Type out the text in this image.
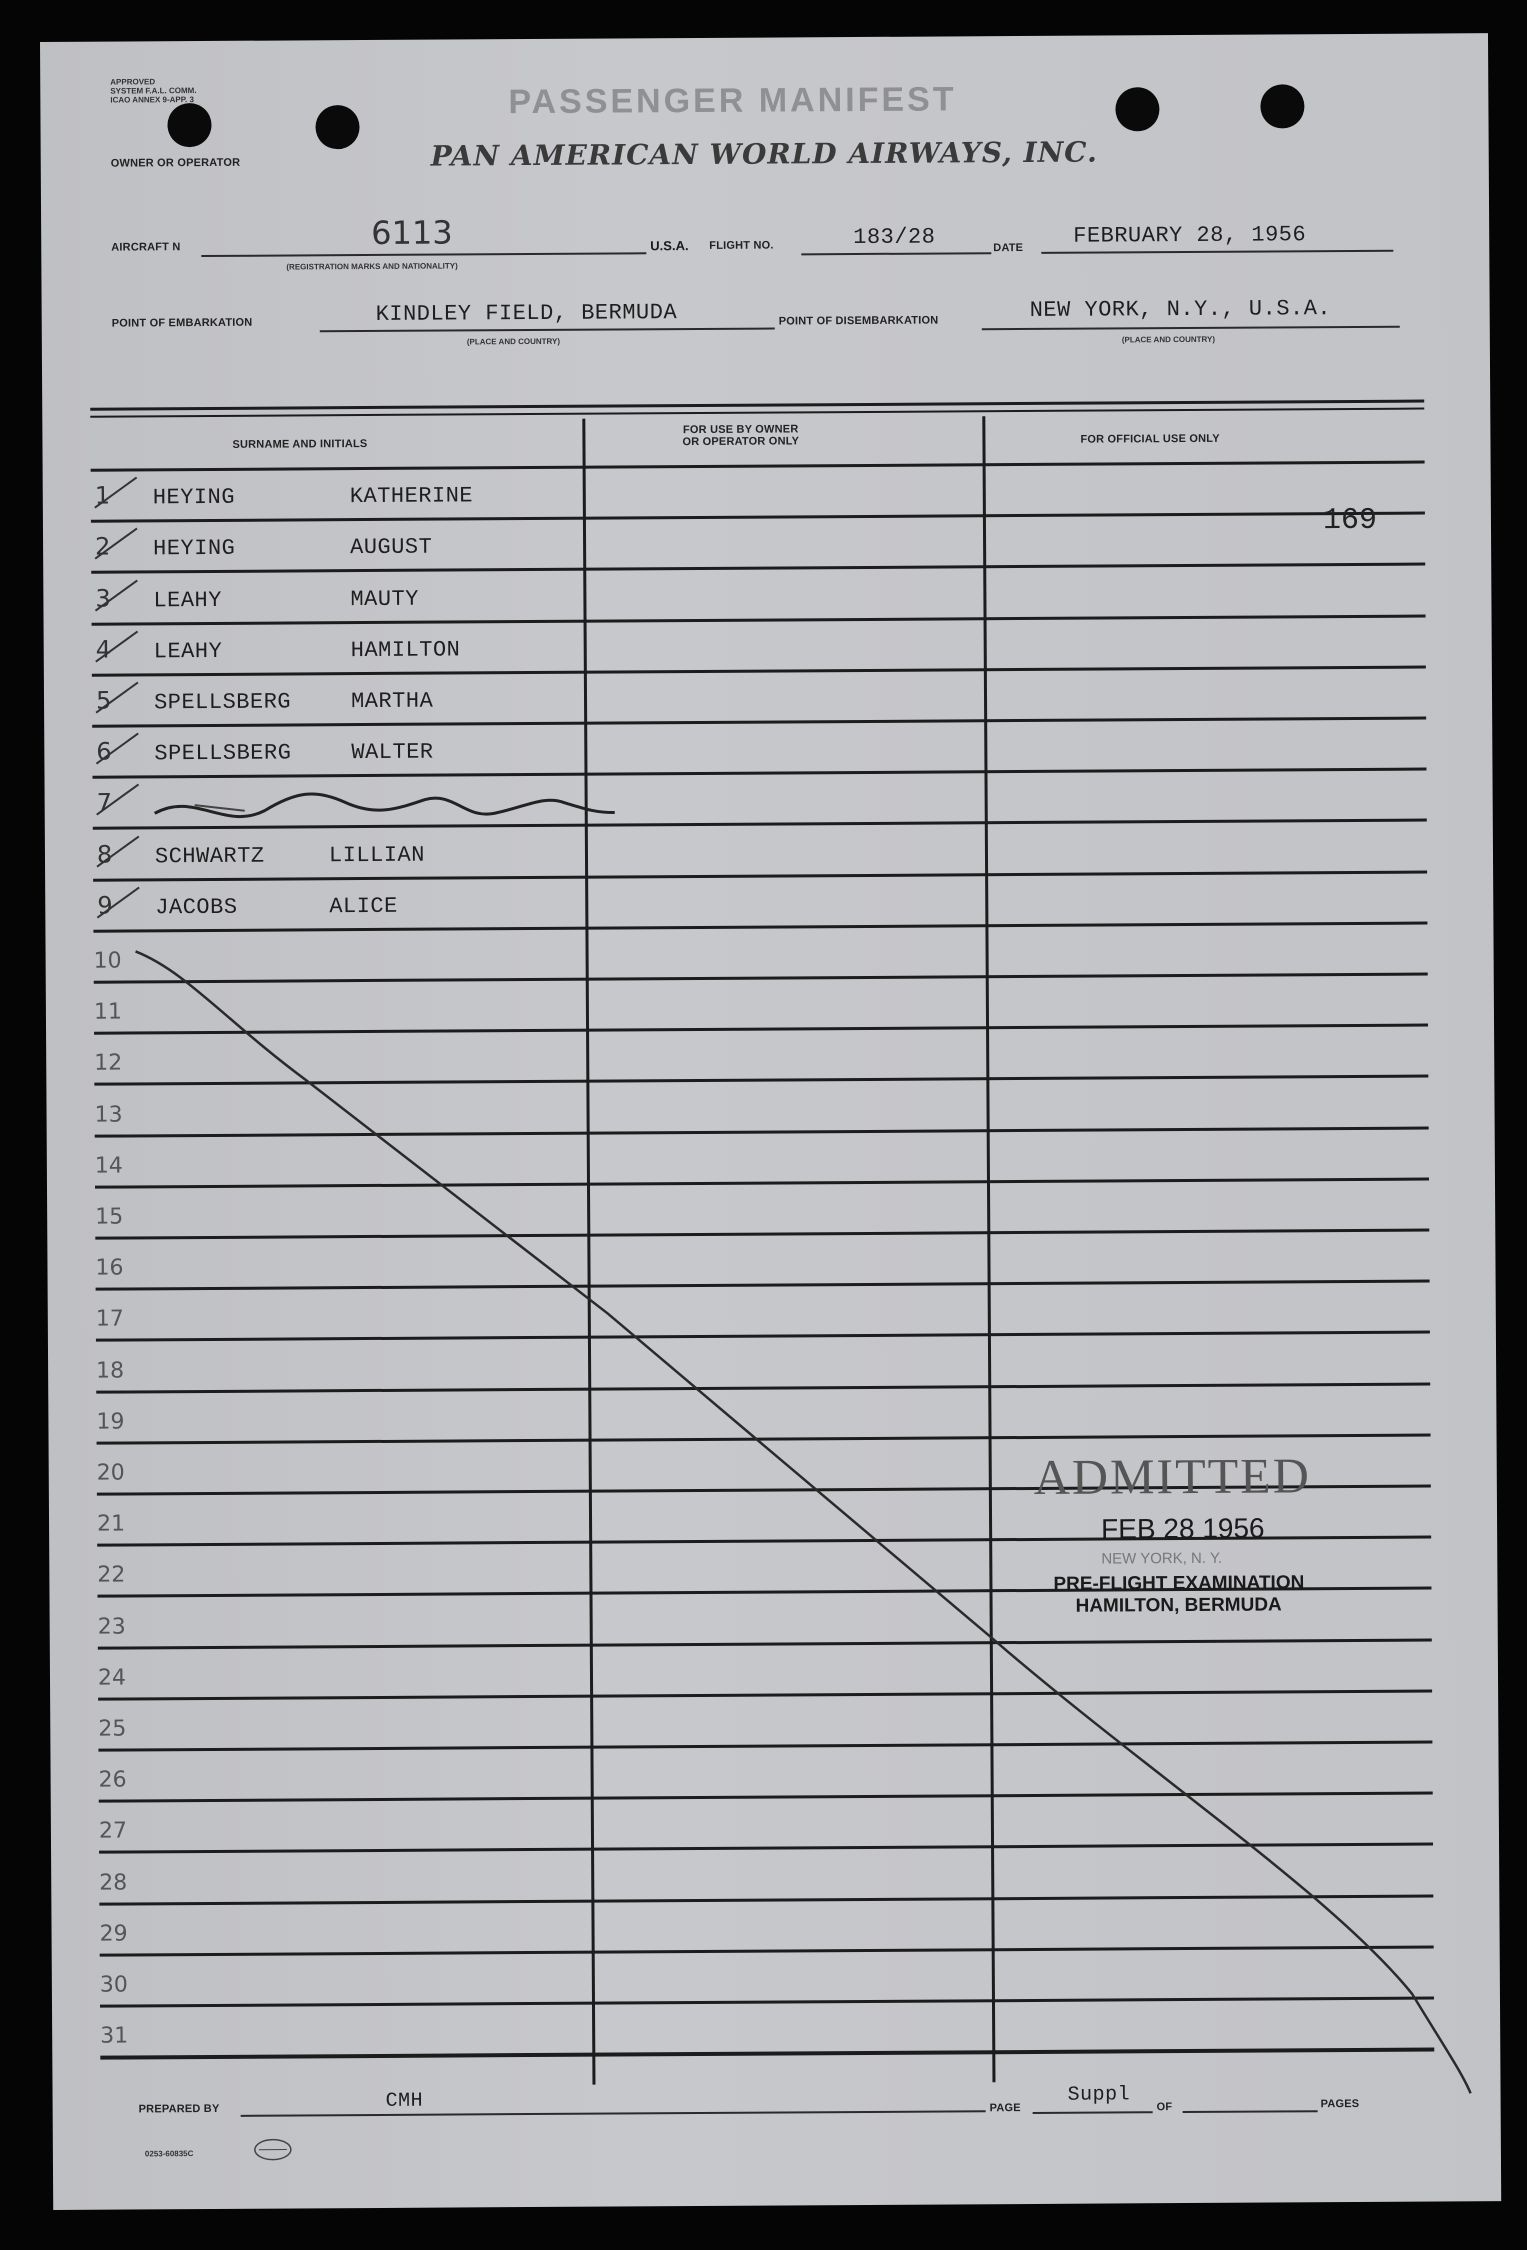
APPROVED
SYSTEM F.A.L. COMM.
ICAO ANNEX 9-APP. 3	PASSENGER MANIFEST
OWNER OR OPERATOR	PAN AMERICAN WORLD AIRWAYS, INC.
AIRCRAFT N	6113
(REGISTRATION MARKS AND NATIONALITY)
U.S.A. FLIGHT NO.	183/28	DATE FEBRUARY 28, 1956
POINT OF EMBARKATION	KINDLEY FIELD, BERMUDA
(PLACE AND COUNTRY)
POINT OF DISEMBARKATION	NEW YORK, N.Y., U.S.A.
(PLACE AND COUNTRY)
SURNAME AND INITIALS
FOR USE BY OWNER
OR OPERATOR ONLY	FOR OFFICIAL USE ONLY
1 HEYING	KATHERINE
2 HEYING	AUGUST
3 LEAHY	MAUTY
4 LEAHY	HAMILTON
5 SPELLSBERG	MARTHA
6 SPELLSBERG	WALTER
7
8 SCHWARTZ	LILLIAN
9 JACOBS	ALICE
10
11
12
13
14
15
16
17
18
19
20
21
22
23
24
25
26
27
28
29
30
31
169
ADMITTED
FEB 28 1956
NEW YORK, N. Y.
PRE-FLIGHT EXAMINATION
HAMILTON, BERMUDA
PREPARED BY	CMH	PAGE
Suppl
OF	PAGES
0253-60835C
